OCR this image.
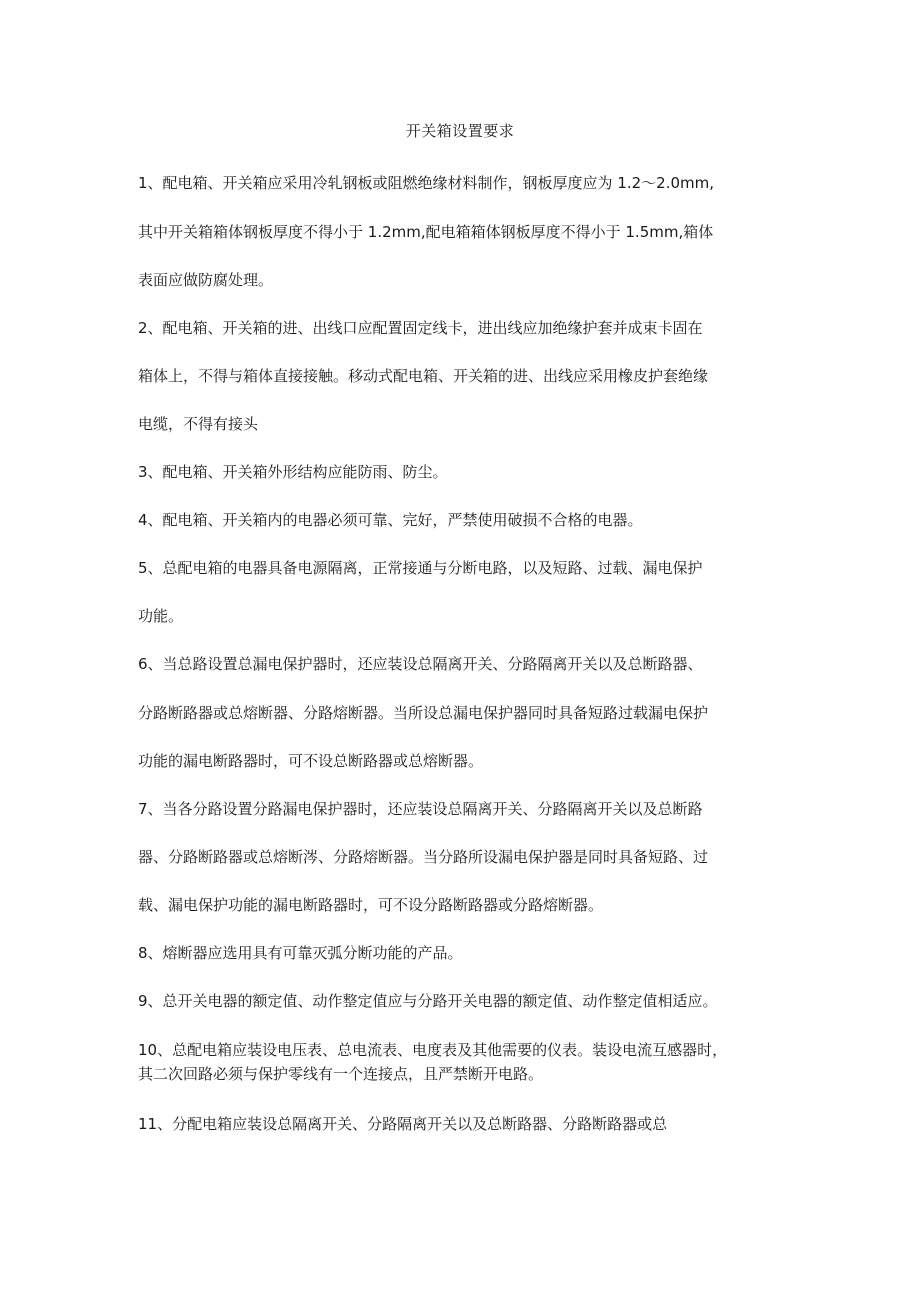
开关箱设置要求
1、配电箱、开关箱应采用冷轧钢板或阻燃绝缘材料制作，钢板厚度应为 1.2～2.0mm,
其中开关箱箱体钢板厚度不得小于 1.2mm,配电箱箱体钢板厚度不得小于 1.5mm,箱体
表面应做防腐处理。
2、配电箱、开关箱的进、出线口应配置固定线卡，进出线应加绝缘护套并成束卡固在
箱体上，不得与箱体直接接触。移动式配电箱、开关箱的进、出线应采用橡皮护套绝缘
电缆，不得有接头
3、配电箱、开关箱外形结构应能防雨、防尘。
4、配电箱、开关箱内的电器必须可靠、完好，严禁使用破损不合格的电器。
5、总配电箱的电器具备电源隔离，正常接通与分断电路，以及短路、过载、漏电保护
功能。
6、当总路设置总漏电保护器时，还应装设总隔离开关、分路隔离开关以及总断路器、
分路断路器或总熔断器、分路熔断器。当所设总漏电保护器同时具备短路过载漏电保护
功能的漏电断路器时，可不设总断路器或总熔断器。
7、当各分路设置分路漏电保护器时，还应装设总隔离开关、分路隔离开关以及总断路
器、分路断路器或总熔断涔、分路熔断器。当分路所设漏电保护器是同时具备短路、过
载、漏电保护功能的漏电断路器时，可不设分路断路器或分路熔断器。
8、熔断器应选用具有可靠灭弧分断功能的产品。
9、总开关电器的额定值、动作整定值应与分路开关电器的额定值、动作整定值相适应。
10、总配电箱应装设电压表、总电流表、电度表及其他需要的仪表。装设电流互感器时，
其二次回路必须与保护零线有一个连接点，且严禁断开电路。
11、分配电箱应装设总隔离开关、分路隔离开关以及总断路器、分路断路器或总
